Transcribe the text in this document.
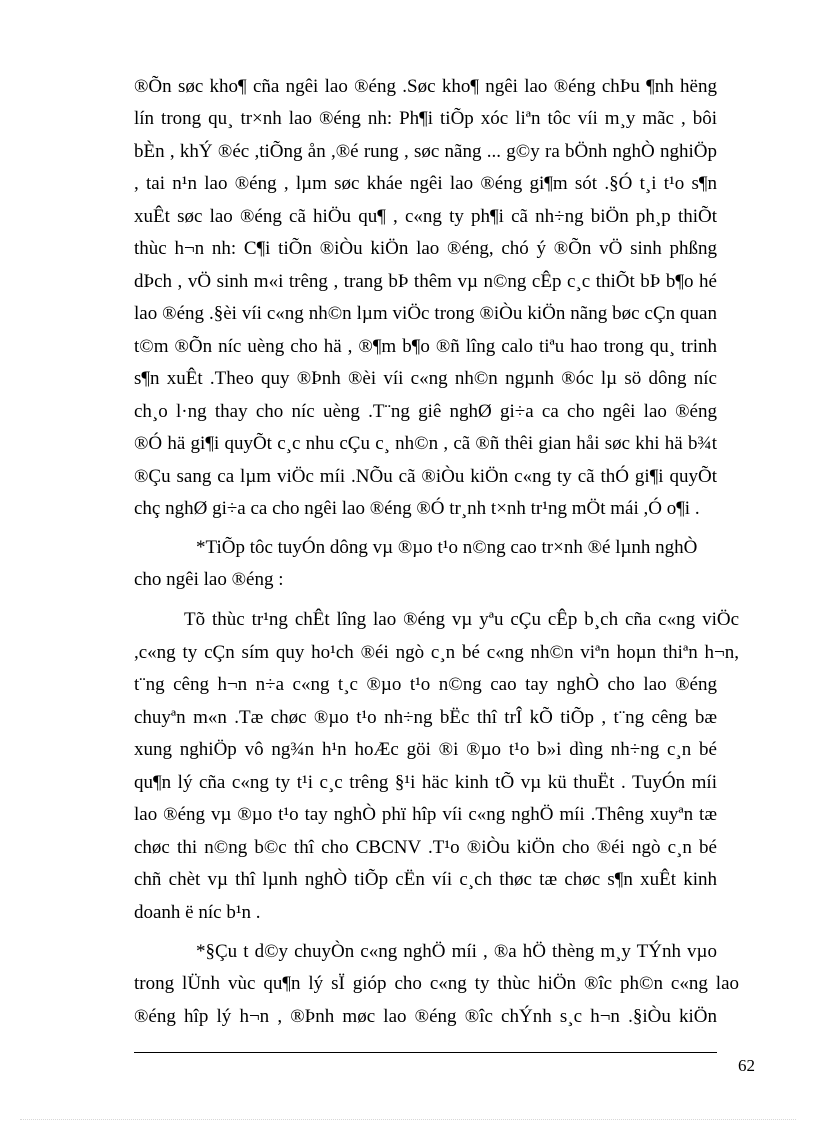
®Õn søc kho¶ cña ngêi lao ®éng .Søc kho¶ ngêi lao ®éng chÞu ¶nh hëng
lín trong qu¸ tr×nh lao ®éng nh: Ph¶i tiÕp xóc liªn tôc víi m¸y mãc , bôi
bÈn , khÝ ®éc ,tiÕng ån ,®é rung , søc nãng ... g©y ra bÖnh nghÒ nghiÖp
, tai n¹n lao ®éng , lµm søc kháe ngêi lao ®éng gi¶m sót .§Ó t¸i t¹o s¶n
xuÊt søc lao ®éng cã hiÖu qu¶ , c«ng ty ph¶i cã nh÷ng biÖn ph¸p thiÕt
thùc h¬n nh: C¶i tiÕn ®iÒu kiÖn lao ®éng, chó ý ®Õn vÖ sinh phßng
dÞch , vÖ sinh m«i trêng , trang bÞ thêm vµ n©ng cÊp c¸c thiÕt bÞ b¶o hé
lao ®éng .§èi víi c«ng nh©n lµm viÖc trong ®iÒu kiÖn nãng bøc cÇn quan
t©m ®Õn níc uèng cho hä , ®¶m b¶o ®ñ lîng calo tiªu hao trong qu¸ trinh
s¶n xuÊt .Theo quy ®Þnh ®èi víi c«ng nh©n ngµnh ®óc lµ sö dông níc
ch¸o l·ng thay cho níc uèng .T¨ng giê nghØ gi÷a ca cho ngêi lao ®éng
®Ó hä gi¶i quyÕt c¸c nhu cÇu c¸ nh©n , cã ®ñ thêi gian håi søc khi hä b¾t
®Çu sang ca lµm viÖc míi .NÕu cã ®iÒu kiÖn c«ng ty cã thÓ gi¶i quyÕt
chç nghØ gi÷a ca cho ngêi lao ®éng ®Ó tr¸nh t×nh tr¹ng mÖt mái ,Ó o¶i .
*TiÕp tôc tuyÓn dông vµ ®µo t¹o n©ng cao tr×nh ®é lµnh nghÒ
cho ngêi lao ®éng :
Tõ thùc tr¹ng chÊt lîng lao ®éng vµ yªu cÇu cÊp b¸ch cña c«ng viÖc
,c«ng ty cÇn sím quy ho¹ch ®éi ngò c¸n bé c«ng nh©n viªn hoµn thiªn h¬n,
t¨ng cêng h¬n n÷a c«ng t¸c ®µo t¹o n©ng cao tay nghÒ cho lao ®éng
chuyªn m«n .Tæ chøc ®µo t¹o nh÷ng bËc thî trÎ kÕ tiÕp , t¨ng cêng bæ
xung nghiÖp vô ng¾n h¹n hoÆc göi ®i ®µo t¹o b»i dìng nh÷ng c¸n bé
qu¶n lý cña c«ng ty t¹i c¸c trêng §¹i häc kinh tÕ vµ kü thuËt . TuyÓn míi
lao ®éng vµ ®µo t¹o tay nghÒ phï hîp víi c«ng nghÖ míi .Thêng xuyªn tæ
chøc thi n©ng b©c thî cho CBCNV .T¹o ®iÒu kiÖn cho ®éi ngò c¸n bé
chñ chèt vµ thî lµnh nghÒ tiÕp cËn víi c¸ch thøc tæ chøc s¶n xuÊt kinh
doanh ë níc b¹n .
*§Çu t d©y chuyÒn c«ng nghÖ míi , ®a hÖ thèng m¸y TÝnh vµo
trong lÜnh vùc qu¶n lý sÏ gióp cho c«ng ty thùc hiÖn ®îc ph©n c«ng lao
®éng hîp lý h¬n , ®Þnh møc lao ®éng ®îc chÝnh s¸c h¬n .§iÒu kiÖn
62
